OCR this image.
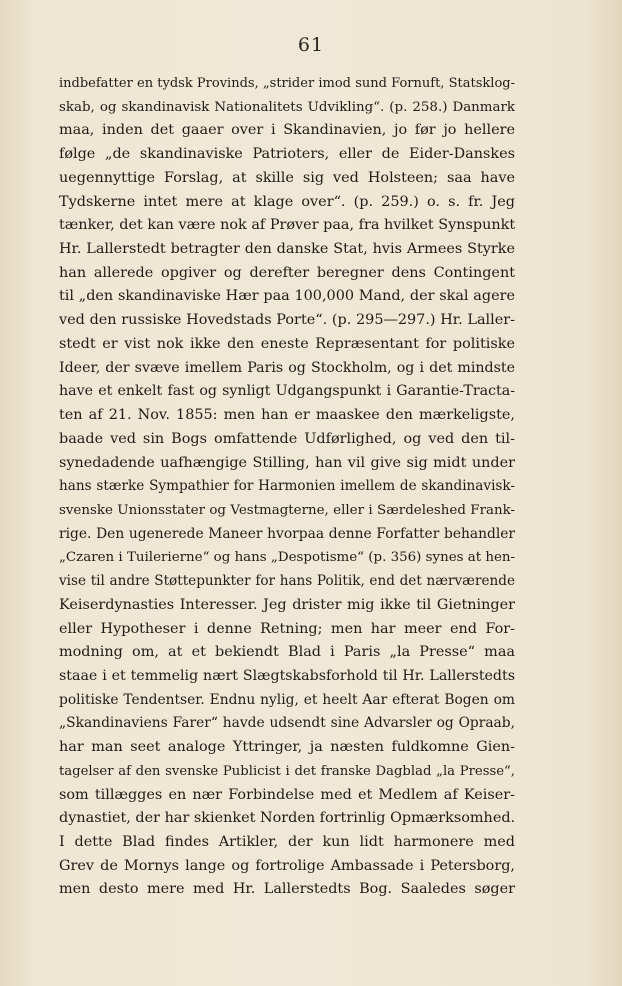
61
indbefatter en tydsk Provinds, „strider imod sund Fornuft, Statsklog-
skab, og skandinavisk Nationalitets Udvikling“. (p. 258.) Danmark
maa, inden det gaaer over i Skandinavien, jo før jo hellere
følge „de skandinaviske Patrioters, eller de Eider-Danskes
uegennyttige Forslag, at skille sig ved Holsteen; saa have
Tydskerne intet mere at klage over“. (p. 259.) o. s. fr. Jeg
tænker, det kan være nok af Prøver paa, fra hvilket Synspunkt
Hr. Lallerstedt betragter den danske Stat, hvis Armees Styrke
han allerede opgiver og derefter beregner dens Contingent
til „den skandinaviske Hær paa 100,000 Mand, der skal agere
ved den russiske Hovedstads Porte“. (p. 295—297.) Hr. Laller-
stedt er vist nok ikke den eneste Repræsentant for politiske
Ideer, der svæve imellem Paris og Stockholm, og i det mindste
have et enkelt fast og synligt Udgangspunkt i Garantie-Tracta-
ten af 21. Nov. 1855: men han er maaskee den mærkeligste,
baade ved sin Bogs omfattende Udførlighed, og ved den til-
synedadende uafhængige Stilling, han vil give sig midt under
hans stærke Sympathier for Harmonien imellem de skandinavisk-
svenske Unionsstater og Vestmagterne, eller i Særdeleshed Frank-
rige. Den ugenerede Maneer hvorpaa denne Forfatter behandler
„Czaren i Tuilerierne“ og hans „Despotisme“ (p. 356) synes at hen-
vise til andre Støttepunkter for hans Politik, end det nærværende
Keiserdynasties Interesser. Jeg drister mig ikke til Gietninger
eller Hypotheser i denne Retning; men har meer end For-
modning om, at et bekiendt Blad i Paris „la Presse“ maa
staae i et temmelig nært Slægtskabsforhold til Hr. Lallerstedts
politiske Tendentser. Endnu nylig, et heelt Aar efterat Bogen om
„Skandinaviens Farer“ havde udsendt sine Advarsler og Opraab,
har man seet analoge Yttringer, ja næsten fuldkomne Gien-
tagelser af den svenske Publicist i det franske Dagblad „la Presse“,
som tillægges en nær Forbindelse med et Medlem af Keiser-
dynastiet, der har skienket Norden fortrinlig Opmærksomhed.
I dette Blad findes Artikler, der kun lidt harmonere med
Grev de Mornys lange og fortrolige Ambassade i Petersborg,
men desto mere med Hr. Lallerstedts Bog. Saaledes søger
